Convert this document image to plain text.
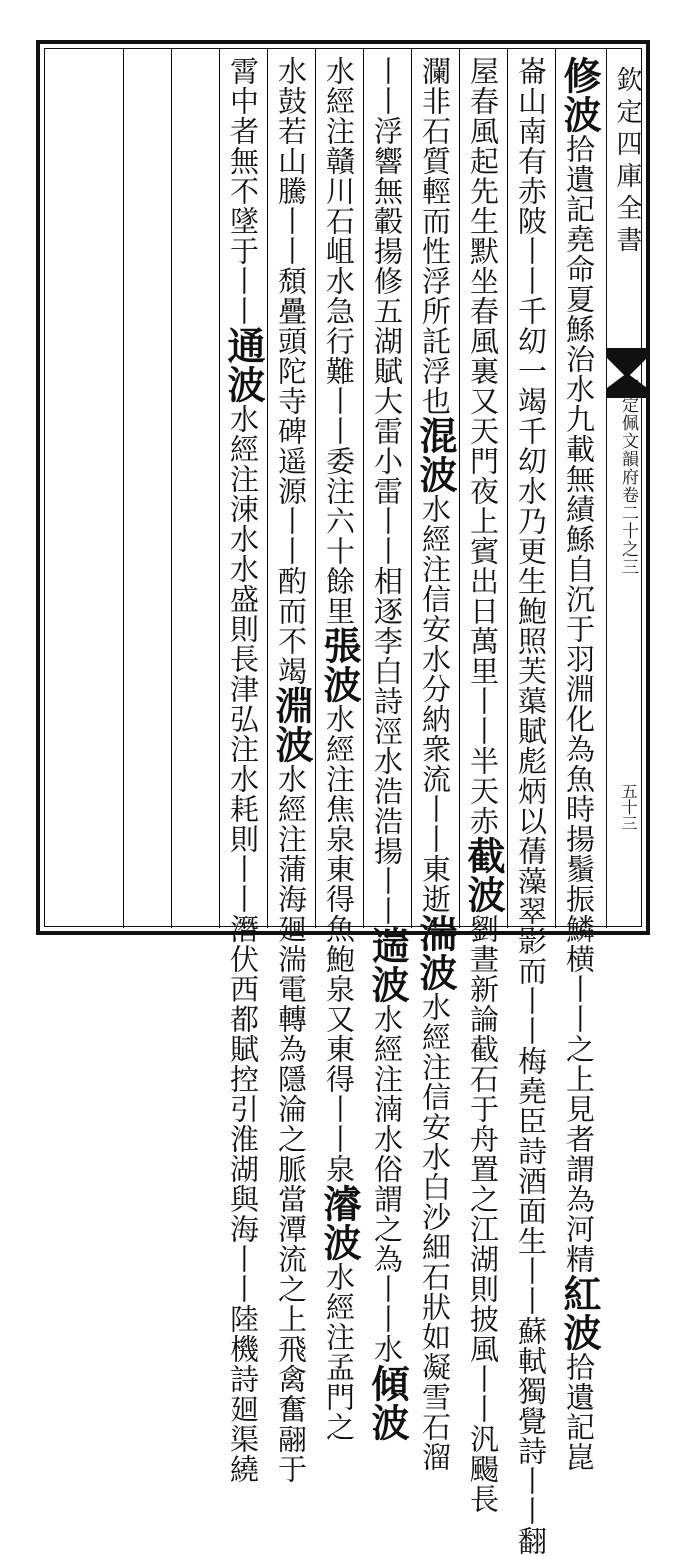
欽定四庫全書
御定佩文韻府卷二十之三
五十三
修波拾遺記堯命夏鯀治水九載無績鯀自沉于羽淵化為魚時揚鬚振鱗横丨丨之上見者謂為河精紅波拾遺記崑
崙山南有赤陂丨丨千㓜一竭千㓜水乃更生鮑照芙蕖賦彪炳以蒨藻翠影而丨丨梅堯臣詩酒面生丨丨蘇軾獨覺詩丨丨翻
屋春風起先生默坐春風裏又天門夜上賓出日萬里丨丨半天赤截波劉晝新論截石于舟置之江湖則披風丨丨汎颺長
瀾非石質輕而性浮所託浮也混波水經注信安水分納衆流丨丨東逝湍波水經注信安水白沙細石狀如凝雪石溜
丨丨浮響無轂揚修五湖賦大雷小雷丨丨相逐李白詩涇水浩浩揚丨丨遄波水經注湳水俗謂之為丨丨水傾波
水經注贛川石岨水急行難丨丨委注六十餘里張波水經注焦泉東得魚鮑泉又東得丨丨泉濬波水經注孟門之
水鼓若山騰丨丨頹疊頭陀寺碑遥源丨丨酌而不竭淵波水經注蒲海廻湍電轉為隱淪之脈當潭流之上飛禽奮翮于
霄中者無不墜于丨丨通波水經注涑水水盛則長津弘注水耗則丨丨潛伏西都賦控引淮湖與海丨丨陸機詩廻渠繞
